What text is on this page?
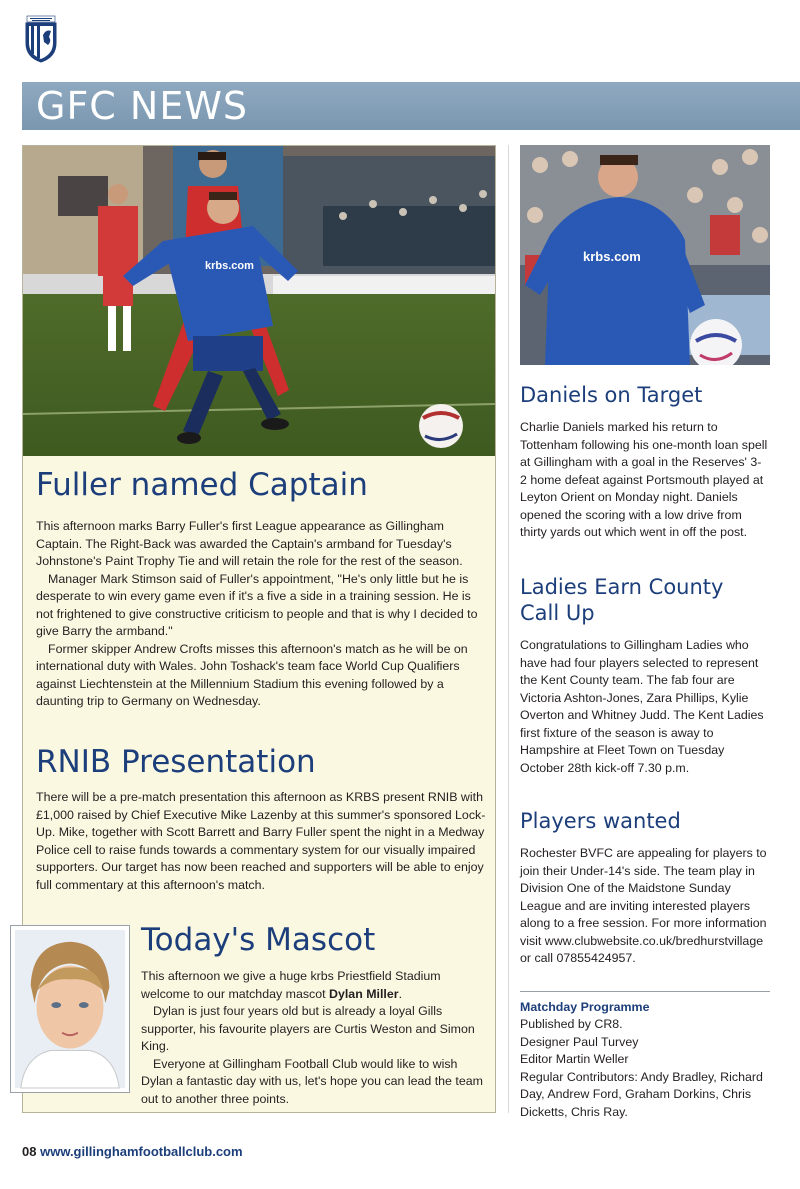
GFC NEWS
krbs.com
Fuller named Captain

This afternoon marks Barry Fuller's first League appearance as Gillingham Captain. The Right-Back was awarded the Captain's armband for Tuesday's Johnstone's Paint Trophy Tie and will retain the role for the rest of the season.

Manager Mark Stimson said of Fuller's appointment, "He's only little but he is desperate to win every game even if it's a five a side in a training session. He is not frightened to give constructive criticism to people and that is why I decided to give Barry the armband."

Former skipper Andrew Crofts misses this afternoon's match as he will be on international duty with Wales. John Toshack's team face World Cup Qualifiers against Liechtenstein at the Millennium Stadium this evening followed by a daunting trip to Germany on Wednesday.

RNIB Presentation

There will be a pre-match presentation this afternoon as KRBS present RNIB with £1,000 raised by Chief Executive Mike Lazenby at this summer's sponsored Lock-Up. Mike, together with Scott Barrett and Barry Fuller spent the night in a Medway Police cell to raise funds towards a commentary system for our visually impaired supporters. Our target has now been reached and supporters will be able to enjoy full commentary at this afternoon's match.

Today's Mascot

This afternoon we give a huge krbs Priestfield Stadium welcome to our matchday mascot Dylan Miller.

Dylan is just four years old but is already a loyal Gills supporter, his favourite players are Curtis Weston and Simon King.

Everyone at Gillingham Football Club would like to wish Dylan a fantastic day with us, let's hope you can lead the team out to another three points.

krbs.com
Daniels on Target

Charlie Daniels marked his return to Tottenham following his one-month loan spell at Gillingham with a goal in the Reserves' 3-2 home defeat against Portsmouth played at Leyton Orient on Monday night. Daniels opened the scoring with a low drive from thirty yards out which went in off the post.

Ladies Earn County
Call Up

Congratulations to Gillingham Ladies who have had four players selected to represent the Kent County team. The fab four are Victoria Ashton-Jones, Zara Phillips, Kylie Overton and Whitney Judd. The Kent Ladies first fixture of the season is away to Hampshire at Fleet Town on Tuesday October 28th kick-off 7.30 p.m.

Players wanted

Rochester BVFC are appealing for players to join their Under-14's side. The team play in Division One of the Maidstone Sunday League and are inviting interested players along to a free session. For more information visit www.clubwebsite.co.uk/bredhurstvillage or call 07855424957.

Matchday Programme
Published by CR8.
Designer Paul Turvey
Editor Martin Weller
Regular Contributors: Andy Bradley, Richard Day, Andrew Ford, Graham Dorkins, Chris Dicketts, Chris Ray.
08 www.gillinghamfootballclub.com
